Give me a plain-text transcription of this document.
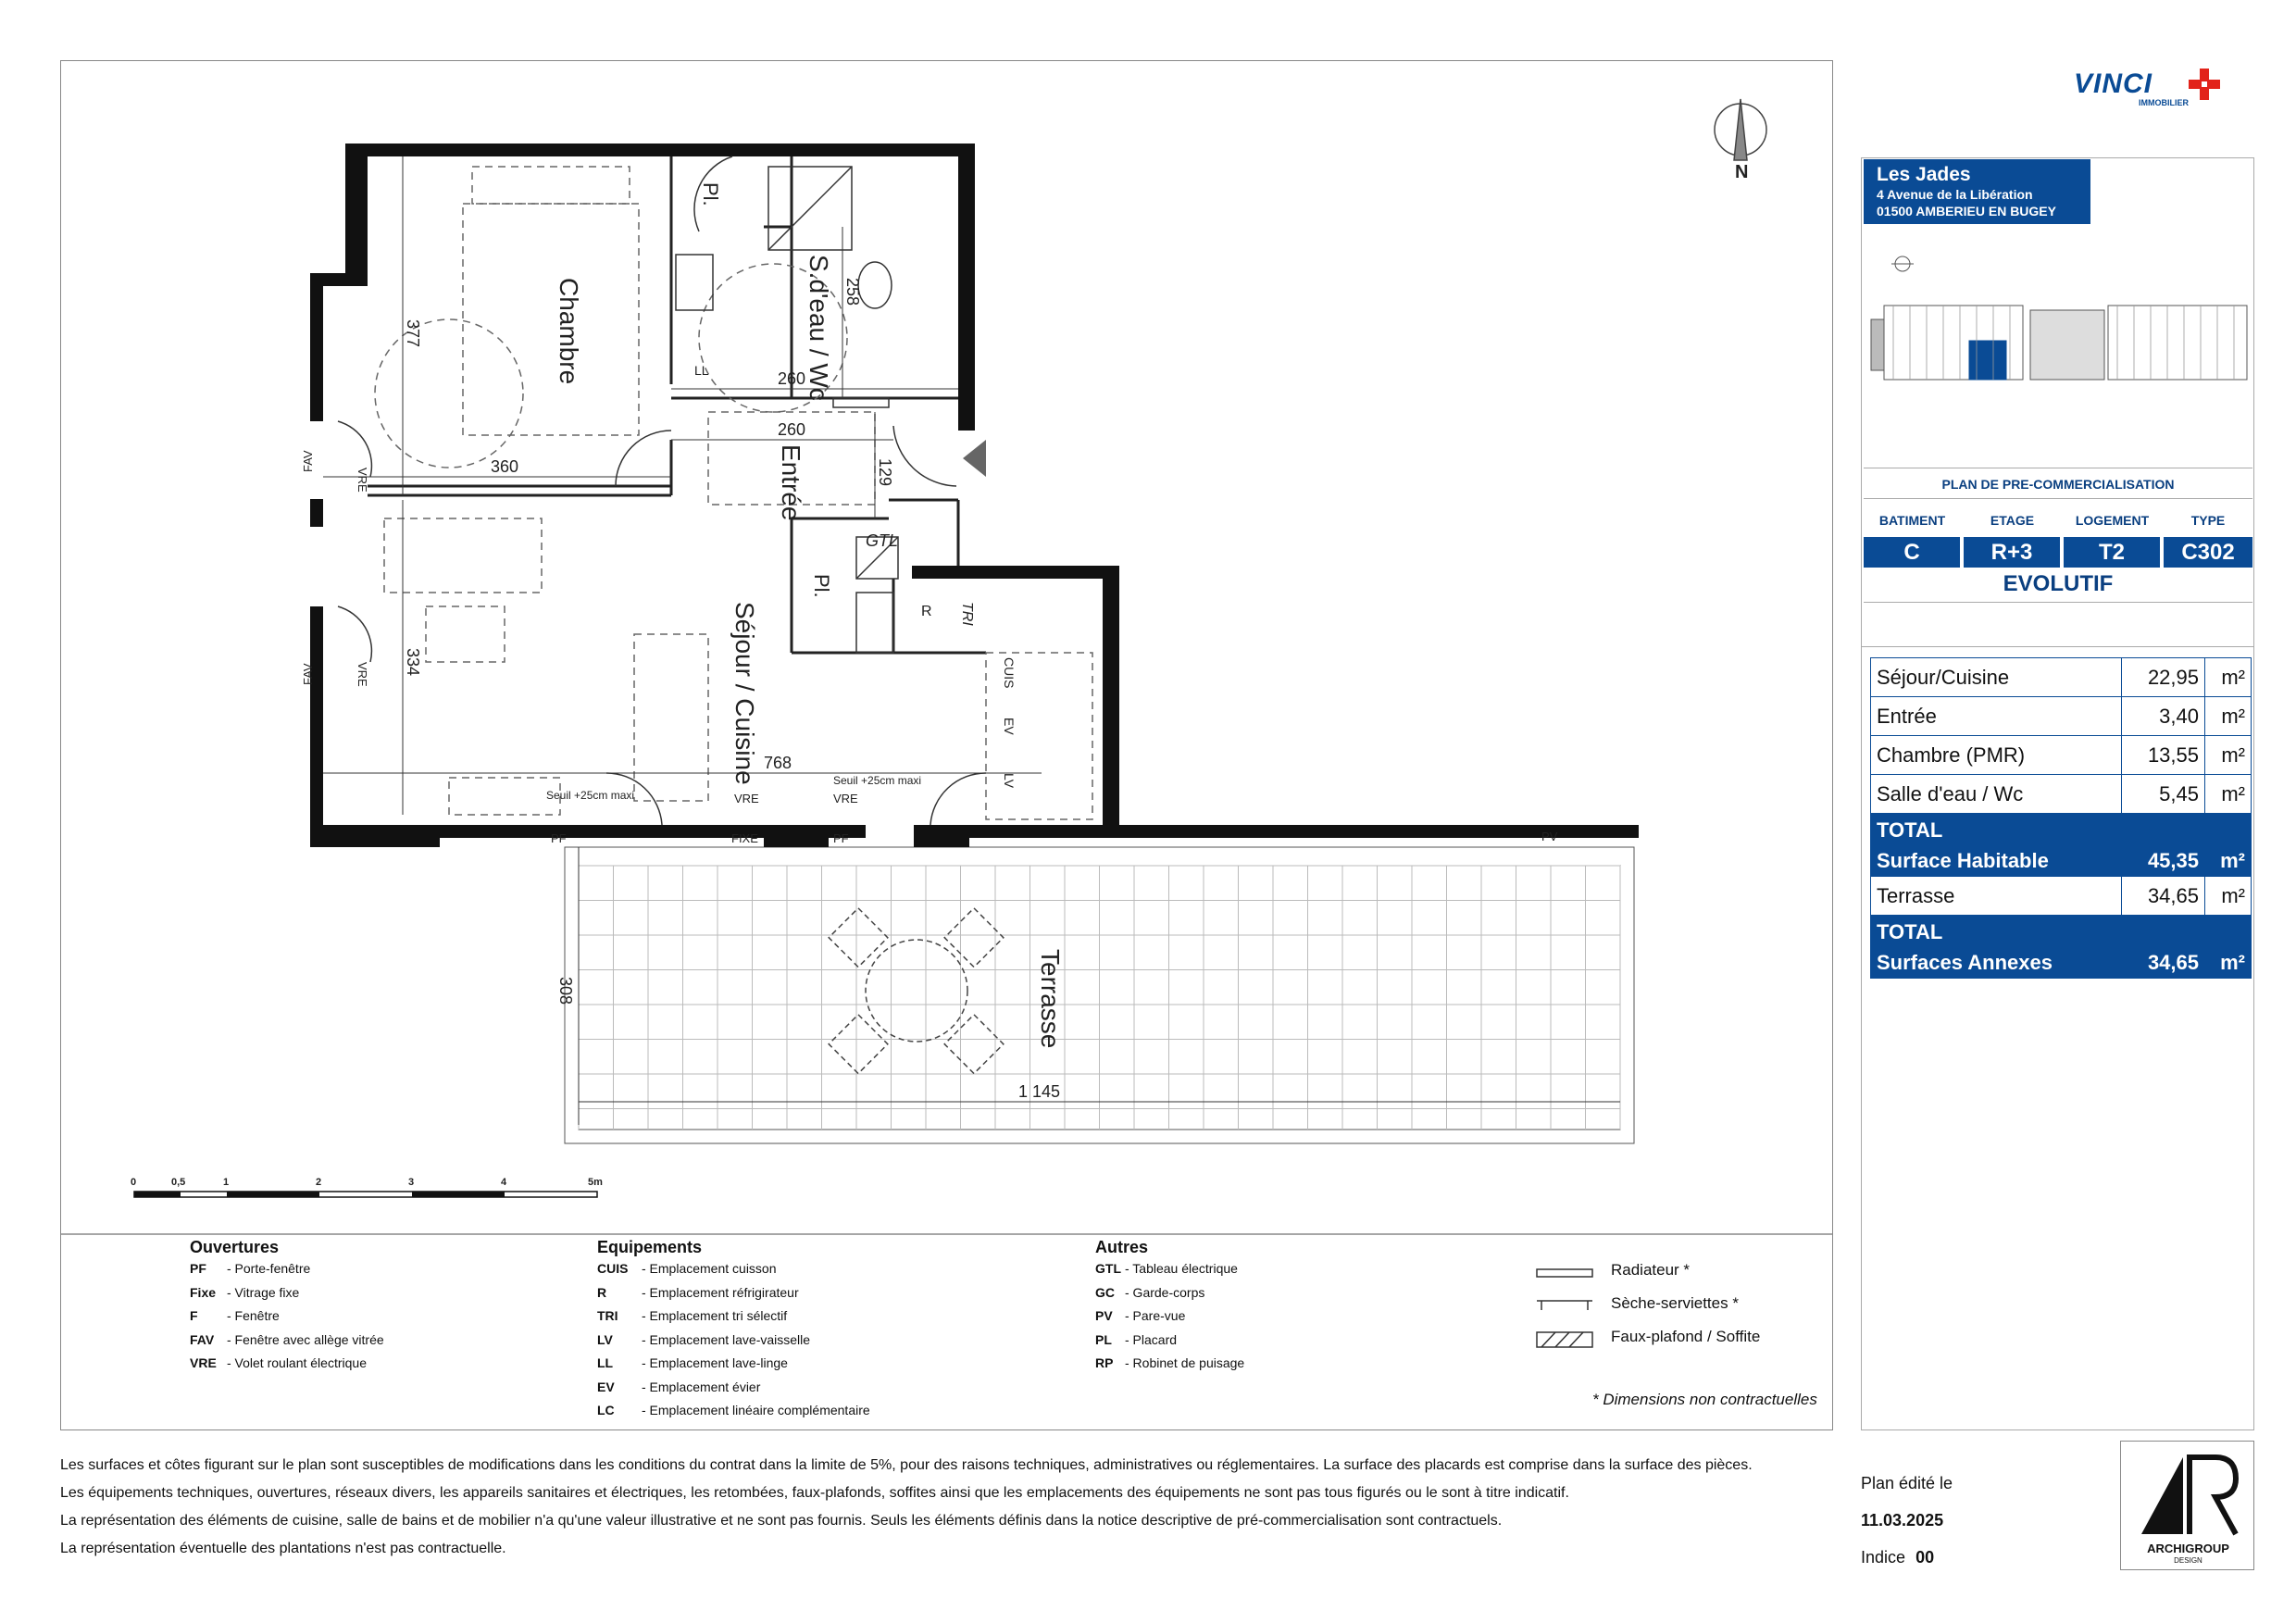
VINCI
IMMOBILIER
Chambre	S.d'eau / Wc
Entrée
Séjour / Cuisine
Terrasse
Pl.
Pl.
GTL
R TRI
CUIS
EV
LV
LL
FAV
FAV
VRE
VRE
VRE	VRE
PF	FIXE	PF	PV
Seuil +25cm maxi
Seuil +25cm maxi
377
360
258
260
260
129
334
768
308
1 145
N
0	0,5	1	2	3	4	5m
Ouvertures
PF - Porte-fenêtre
Fixe - Vitrage fixe
F - Fenêtre
FAV - Fenêtre avec allège vitrée
VRE - Volet roulant électrique
Equipements
CUIS - Emplacement cuisson
R	- Emplacement réfrigirateur
TRI - Emplacement tri sélectif
LV - Emplacement lave-vaisselle
LL - Emplacement lave-linge
EV - Emplacement évier
LC - Emplacement linéaire complémentaire
Autres
GTL - Tableau électrique
GC - Garde-corps
PV - Pare-vue
PL - Placard
RP - Robinet de puisage
Radiateur *
Sèche-serviettes *
Faux-plafond / Soffite
* Dimensions non contractuelles
Les Jades
4 Avenue de la Libération
01500 AMBERIEU EN BUGEY
PLAN DE PRE-COMMERCIALISATION
BATIMENT	ETAGE	LOGEMENT	TYPE
C	R+3	T2	C302
EVOLUTIF
Séjour/Cuisine	22,95	m²
Entrée	3,40	m²
Chambre (PMR)	13,55	m²
Salle d'eau / Wc	5,45	m²
TOTAL		
Surface Habitable	45,35	m²
Terrasse	34,65	m²
TOTAL		
Surfaces Annexes	34,65	m²
Les surfaces et côtes figurant sur le plan sont susceptibles de modifications dans les conditions du contrat dans la limite de 5%, pour des raisons techniques, administratives ou réglementaires. La surface des placards est comprise dans la surface des pièces.
Les équipements techniques, ouvertures, réseaux divers, les appareils sanitaires et électriques, les retombées, faux-plafonds, soffites ainsi que les emplacements des équipements ne sont pas tous figurés ou le sont à titre indicatif.
La représentation des éléments de cuisine, salle de bains et de mobilier n'a qu'une valeur illustrative et ne sont pas fournis. Seuls les éléments définis dans la notice descriptive de pré-commercialisation sont contractuels.
La représentation éventuelle des plantations n'est pas contractuelle.
Plan édité le
11.03.2025
Indice 00	ARCHIGROUP
DESIGN
